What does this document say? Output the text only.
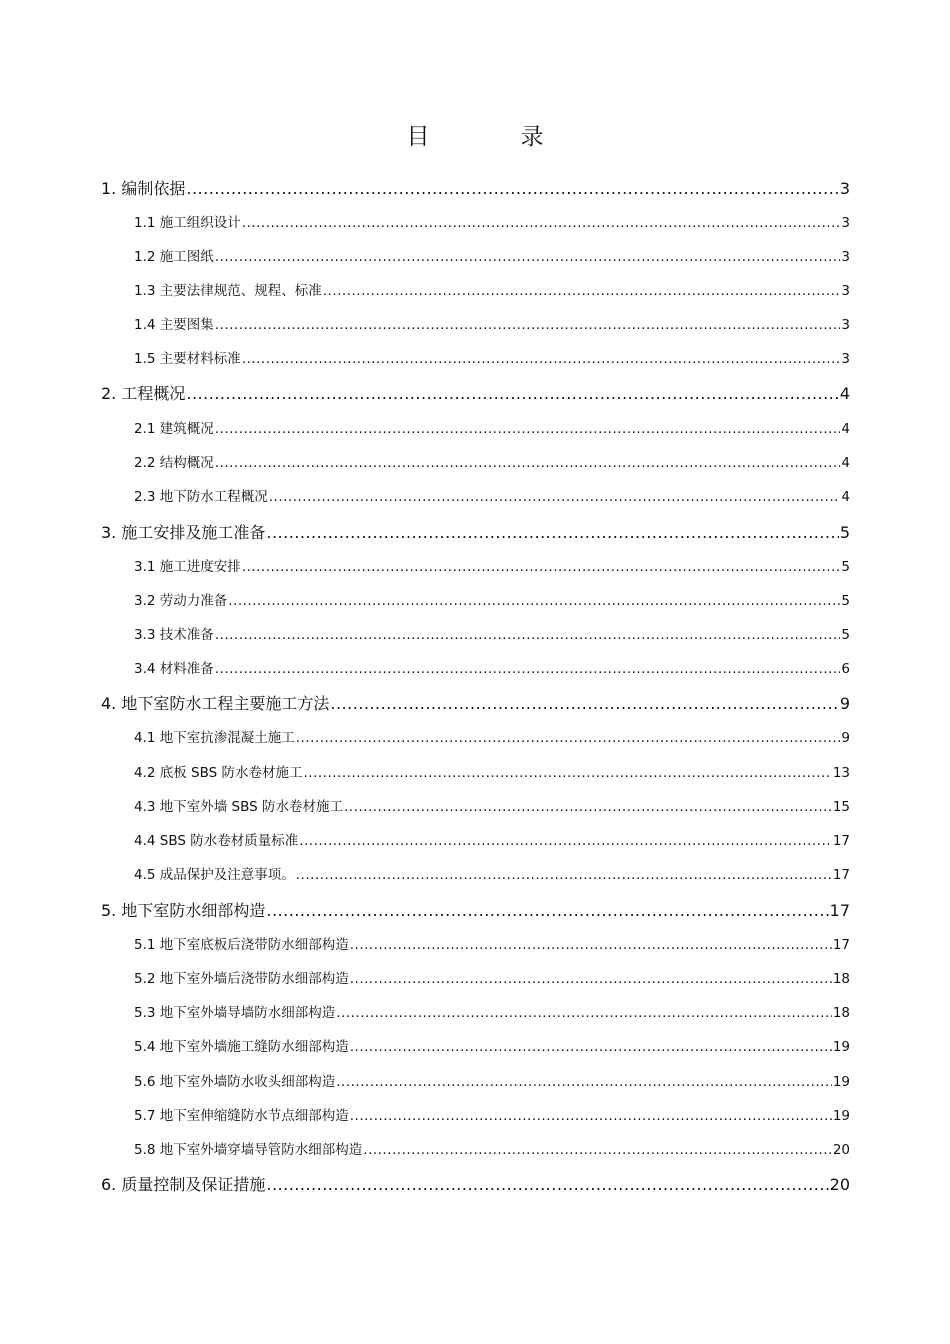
目　录
1. 编制依据 .....	3
1.1 施工组织设计 .....	3
1.2 施工图纸 .....	3
1.3 主要法律规范、规程、标准 .....	3
1.4 主要图集 .....	3
1.5 主要材料标准 .....	3
2. 工程概况 .....	4
2.1 建筑概况 .....	4
2.2 结构概况 .....	4
2.3 地下防水工程概况 .....	4
3. 施工安排及施工准备 .....	5
3.1 施工进度安排 .....	5
3.2 劳动力准备 .....	5
3.3 技术准备 .....	5
3.4 材料准备 .....	6
4. 地下室防水工程主要施工方法 .....	9
4.1 地下室抗渗混凝土施工 .....	9
4.2 底板 SBS 防水卷材施工 .....	13
4.3 地下室外墙 SBS 防水卷材施工 .....	15
4.4 SBS 防水卷材质量标准 .....	17
4.5 成品保护及注意事项。 .....	17
5. 地下室防水细部构造 .....	17
5.1 地下室底板后浇带防水细部构造 .....	17
5.2 地下室外墙后浇带防水细部构造 .....	18
5.3 地下室外墙导墙防水细部构造 .....	18
5.4 地下室外墙施工缝防水细部构造 .....	19
5.6 地下室外墙防水收头细部构造 .....	19
5.7 地下室伸缩缝防水节点细部构造 .....	19
5.8 地下室外墙穿墙导管防水细部构造 .....	20
6. 质量控制及保证措施 .....	20
